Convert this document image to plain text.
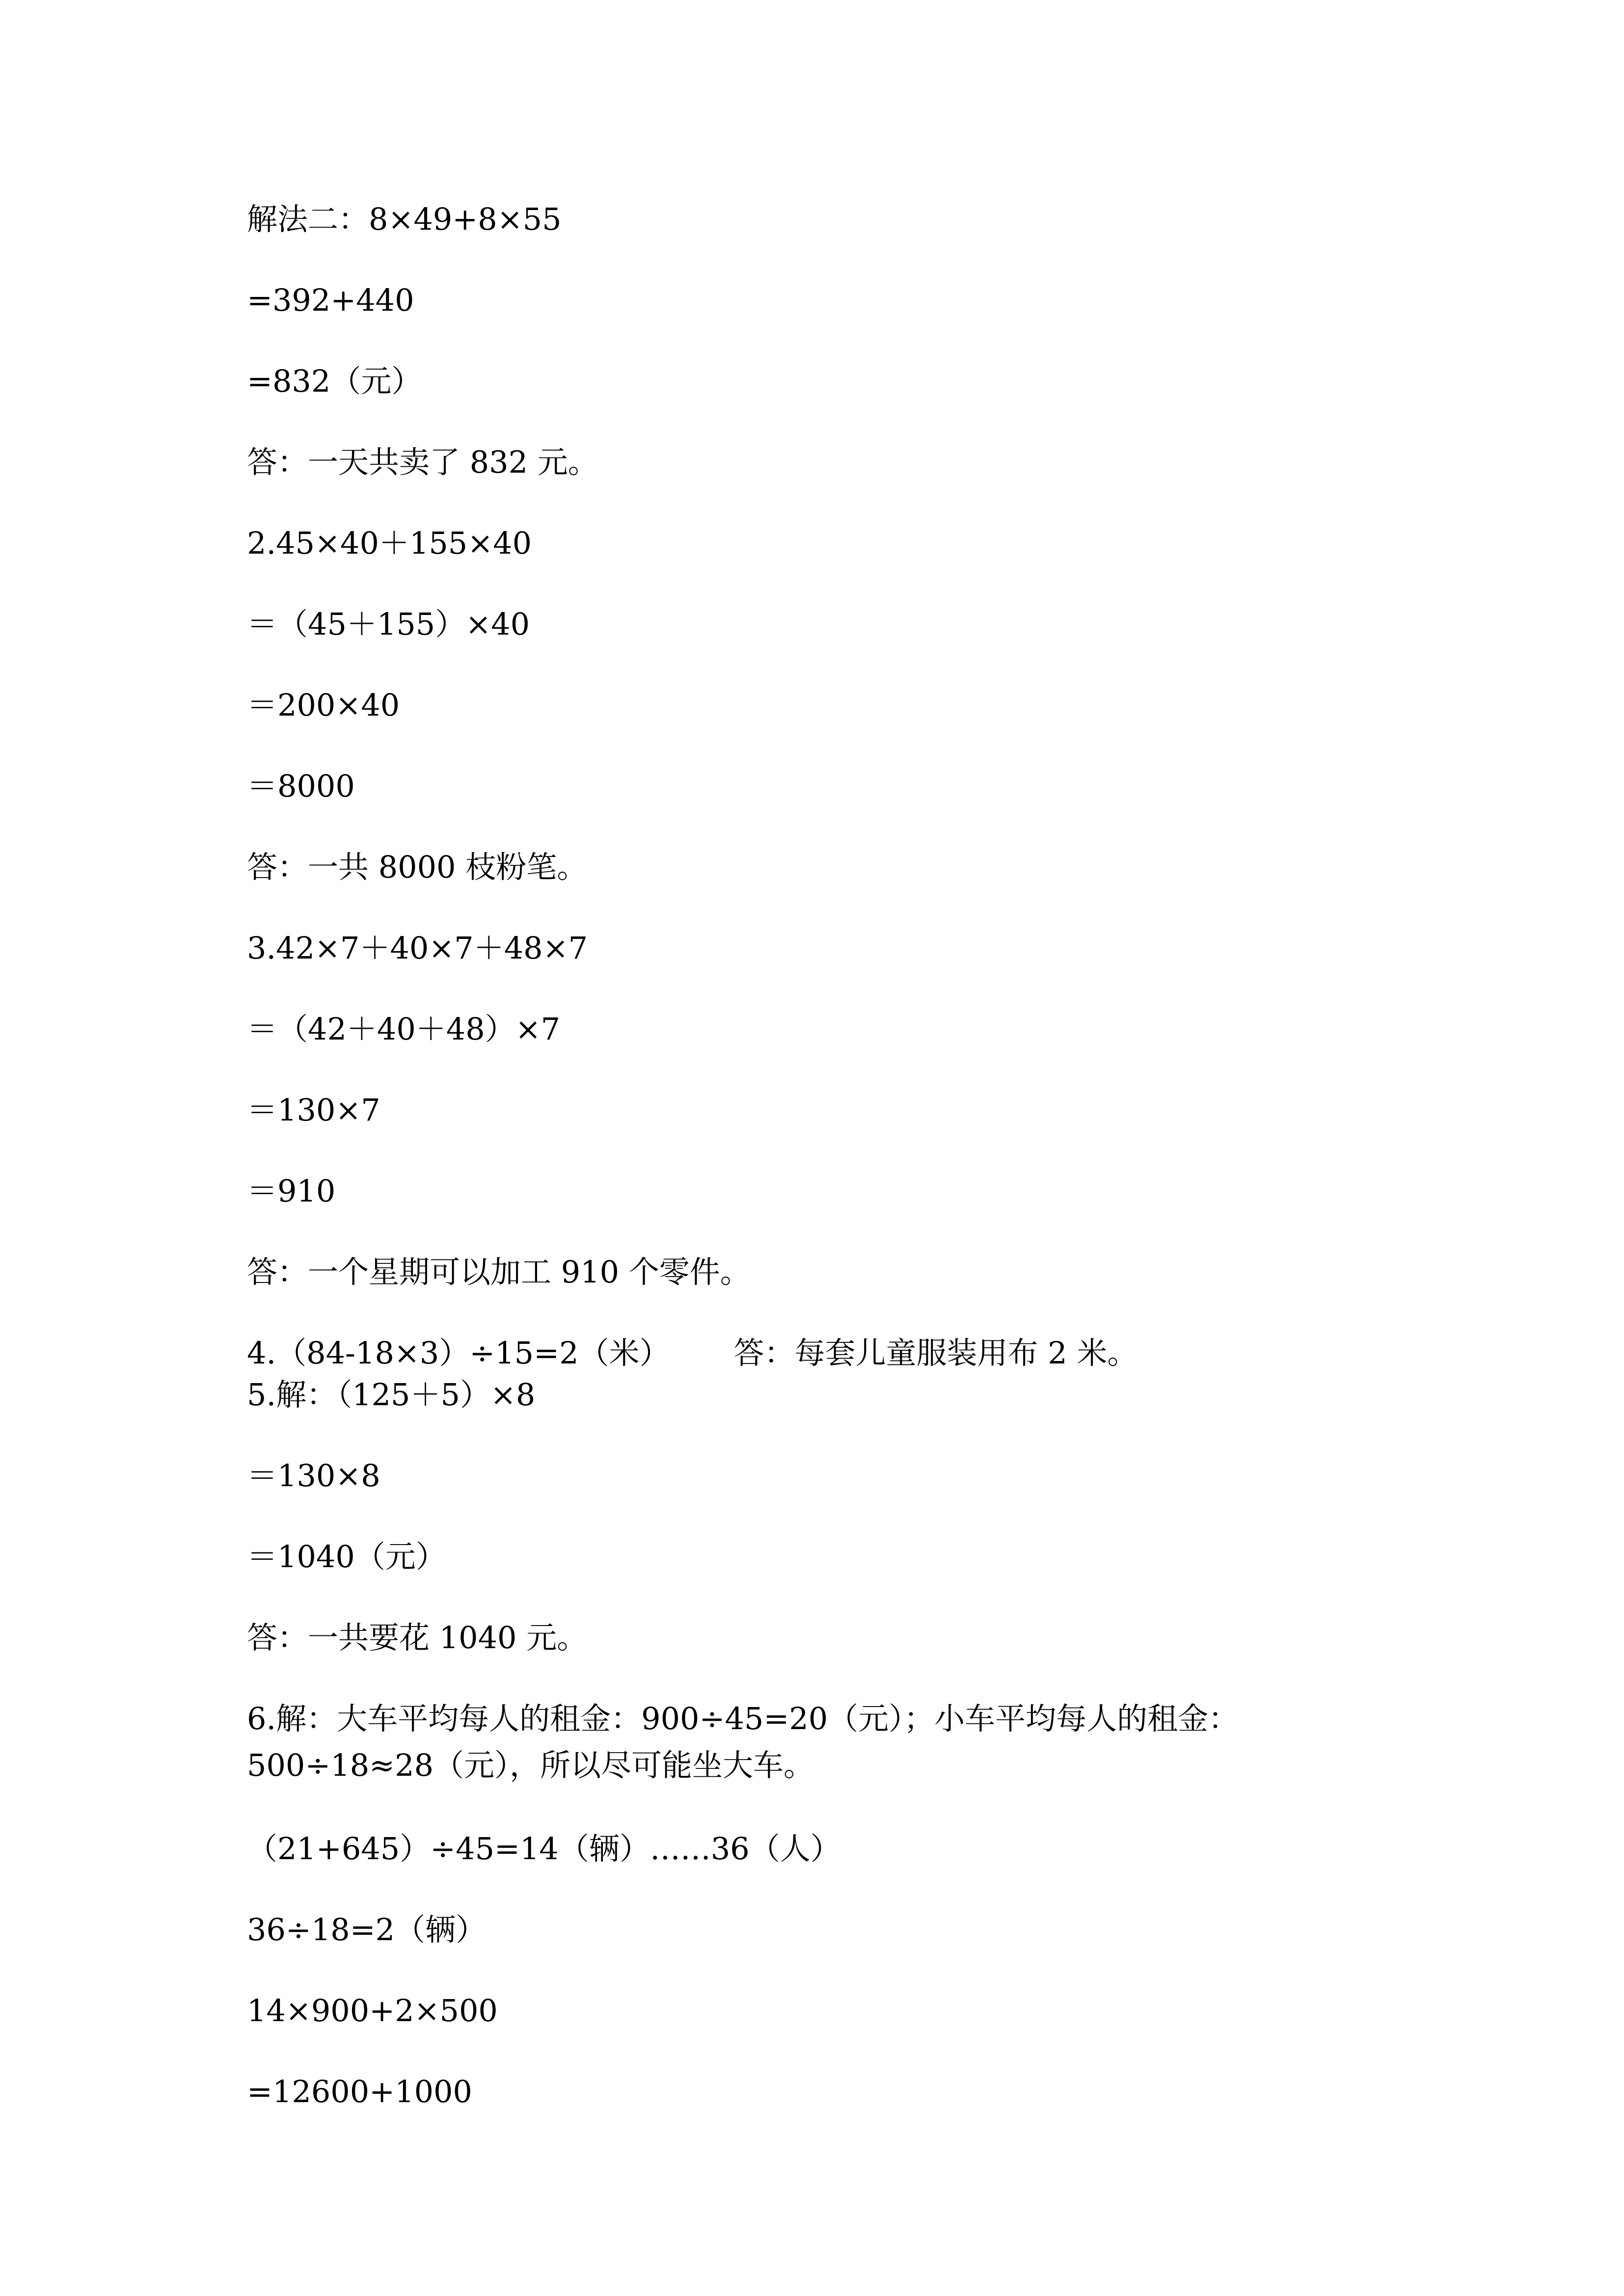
解法二：8×49+8×55
=392+440
=832（元）
答：一天共卖了 832 元。
2.45×40＋155×40
＝（45＋155）×40
＝200×40
＝8000
答：一共 8000 枝粉笔。
3.42×7＋40×7＋48×7
＝（42＋40＋48）×7
＝130×7
＝910
答：一个星期可以加工 910 个零件。
4.（84-18×3）÷15=2（米） 答：每套儿童服装用布 2 米。
5.解：（125＋5）×8
＝130×8
＝1040（元）
答：一共要花 1040 元。
6.解：大车平均每人的租金：900÷45=20（元）；小车平均每人的租金：
500÷18≈28（元），所以尽可能坐大车。
（21+645）÷45=14（辆）……36（人）
36÷18=2（辆）
14×900+2×500
=12600+1000
